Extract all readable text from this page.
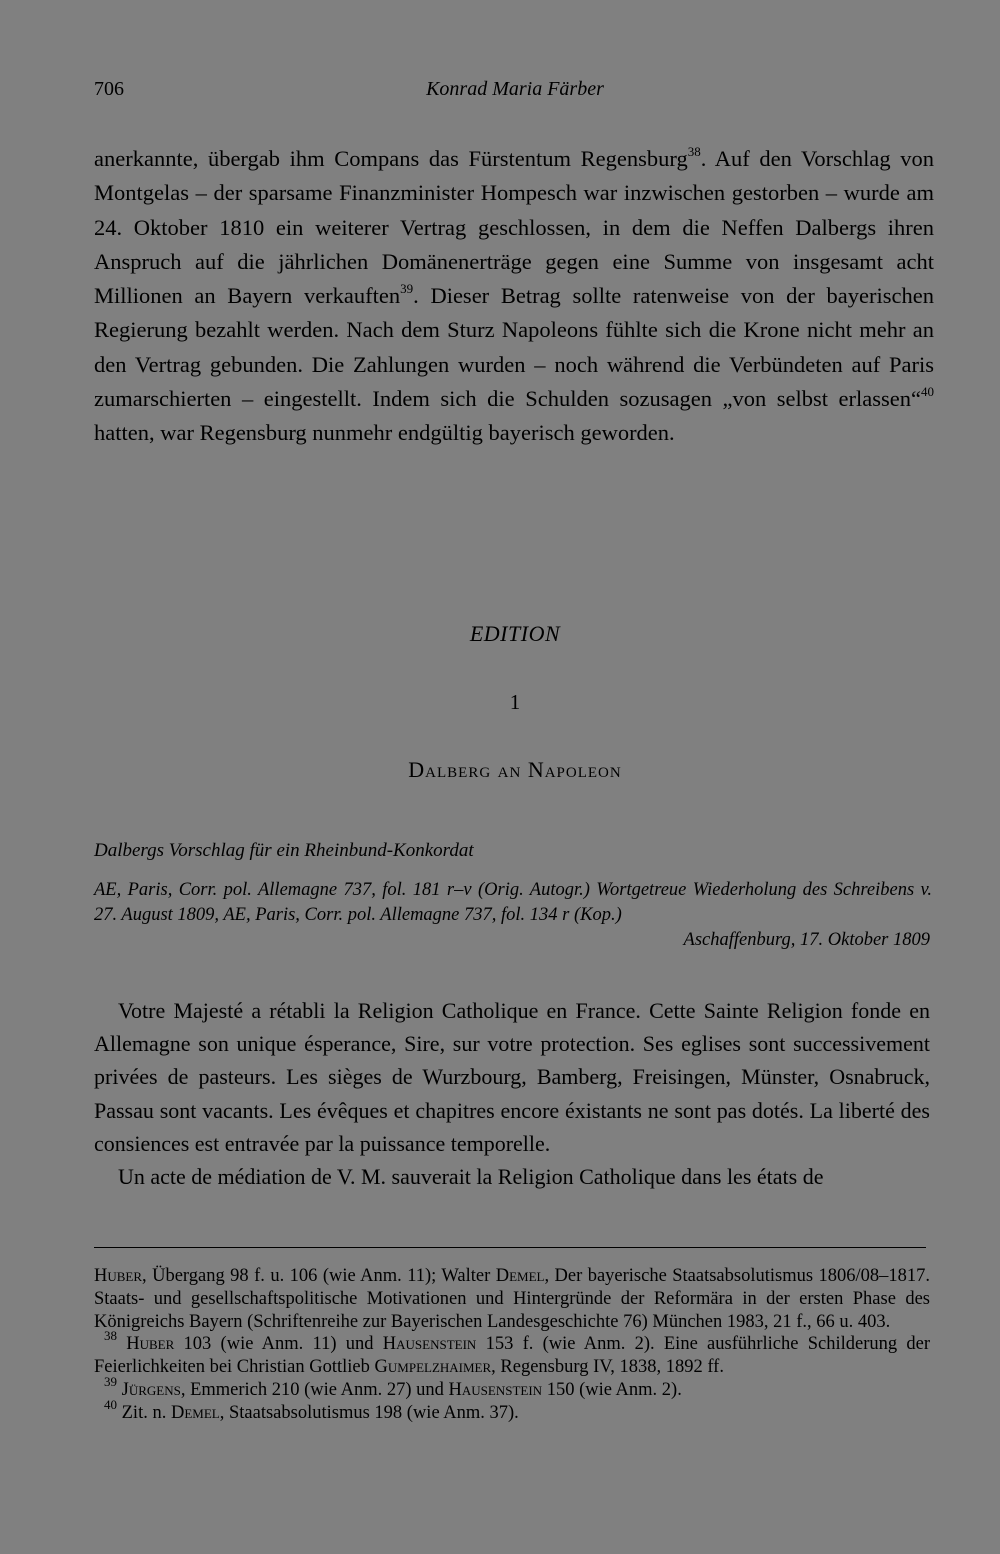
706	Konrad Maria Färber

anerkannte, übergab ihm Compans das Fürstentum Regensburg$^{38}$. Auf den Vorschlag von Montgelas – der sparsame Finanzminister Hompesch war inzwischen gestorben – wurde am 24. Oktober 1810 ein weiterer Vertrag geschlossen, in dem die Neffen Dalbergs ihren Anspruch auf die jährlichen Domänenerträge gegen eine Summe von insgesamt acht Millionen an Bayern verkauften$^{39}$. Dieser Betrag sollte ratenweise von der bayerischen Regierung bezahlt werden. Nach dem Sturz Napoleons fühlte sich die Krone nicht mehr an den Vertrag gebunden. Die Zahlungen wurden – noch während die Verbündeten auf Paris zumarschierten – eingestellt. Indem sich die Schulden sozusagen „von selbst erlassen“$^{40}$ hatten, war Regensburg nunmehr endgültig bayerisch geworden.

EDITION
1
Dalberg an Napoleon
Dalbergs Vorschlag für ein Rheinbund-Konkordat

AE, Paris, Corr. pol. Allemagne 737, fol. 181 r–v (Orig. Autogr.) Wortgetreue Wiederholung des Schreibens v. 27. August 1809, AE, Paris, Corr. pol. Allemagne 737, fol. 134 r (Kop.)

Aschaffenburg, 17. Oktober 1809

Votre Majesté a rétabli la Religion Catholique en France. Cette Sainte Religion fonde en Allemagne son unique ésperance, Sire, sur votre protection. Ses eglises sont successivement privées de pasteurs. Les sièges de Wurzbourg, Bamberg, Freisingen, Münster, Osnabruck, Passau sont vacants. Les évêques et chapitres encore éxistants ne sont pas dotés. La liberté des consiences est entravée par la puissance temporelle.

Un acte de médiation de V. M. sauverait la Religion Catholique dans les états de

Huber, Übergang 98 f. u. 106 (wie Anm. 11); Walter Demel, Der bayerische Staatsabsolutismus 1806/08–1817. Staats- und gesellschaftspolitische Motivationen und Hintergründe der Reformära in der ersten Phase des Königreichs Bayern (Schriftenreihe zur Bayerischen Landesgeschichte 76) München 1983, 21 f., 66 u. 403.

$^{38}$ Huber 103 (wie Anm. 11) und Hausenstein 153 f. (wie Anm. 2). Eine ausführliche Schilderung der Feierlichkeiten bei Christian Gottlieb Gumpelzhaimer, Regensburg IV, 1838, 1892 ff.

$^{39}$ Jürgens, Emmerich 210 (wie Anm. 27) und Hausenstein 150 (wie Anm. 2).

$^{40}$ Zit. n. Demel, Staatsabsolutismus 198 (wie Anm. 37).
